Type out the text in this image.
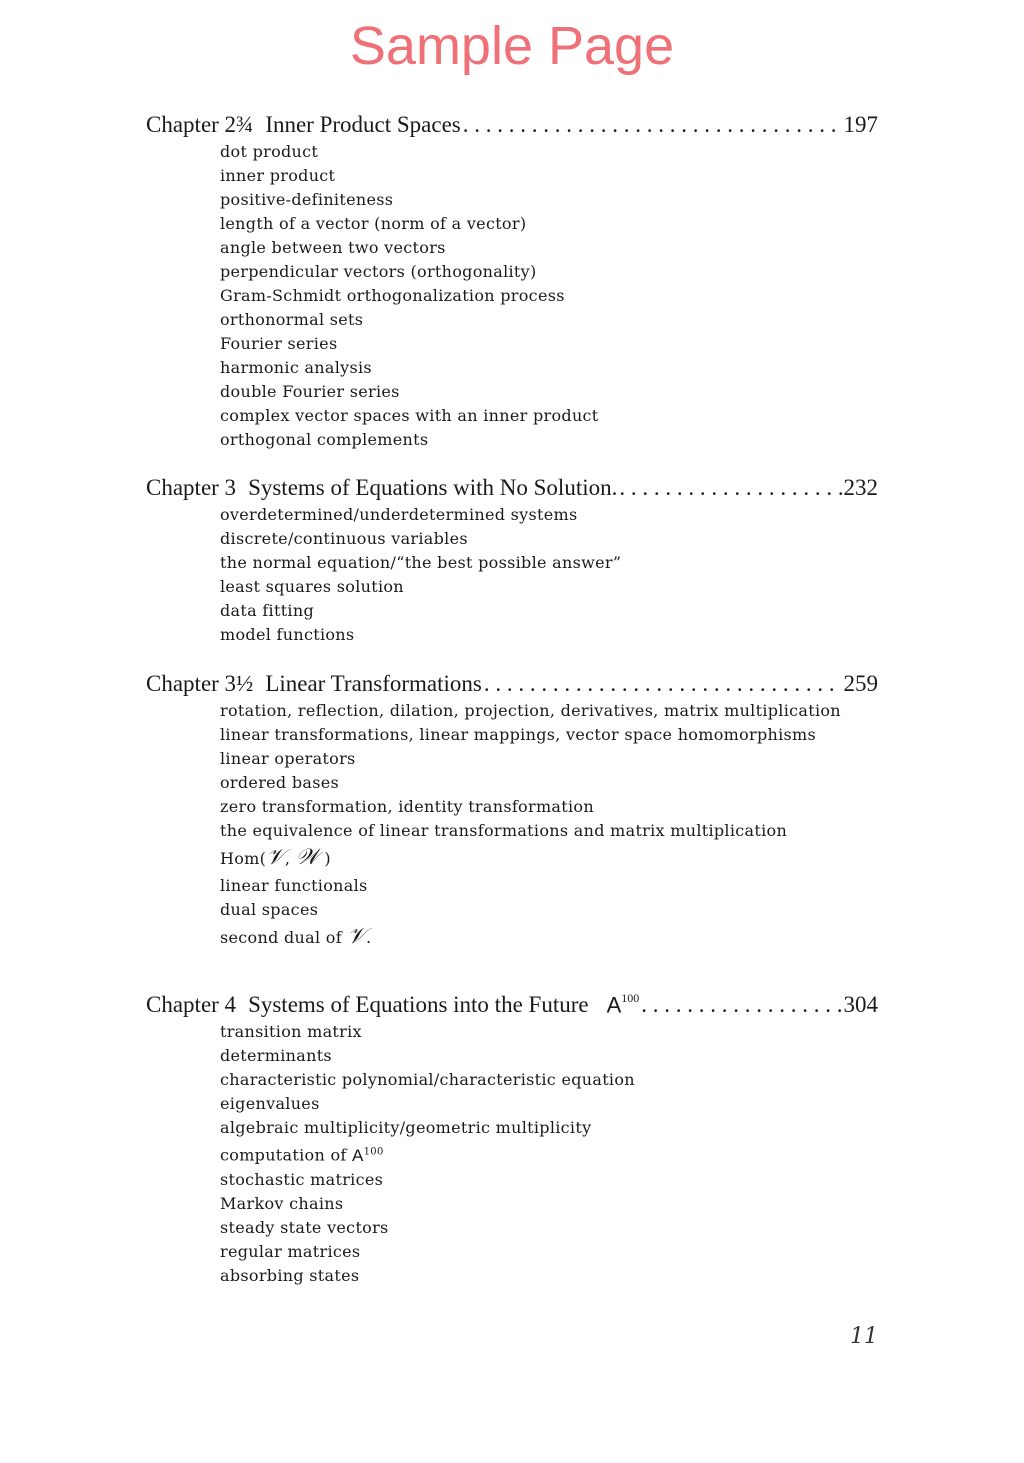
Sample Page
Chapter 2¾ Inner Product Spaces . . .	197
dot product
inner product
positive-definiteness
length of a vector (norm of a vector)
angle between two vectors
perpendicular vectors (orthogonality)
Gram-Schmidt orthogonalization process
orthonormal sets
Fourier series
harmonic analysis
double Fourier series
complex vector spaces with an inner product
orthogonal complements
Chapter 3 Systems of Equations with No Solution. . . .	232
overdetermined/underdetermined systems
discrete/continuous variables
the normal equation/“the best possible answer”
least squares solution
data fitting
model functions
Chapter 3½ Linear Transformations . . .	259
rotation, reflection, dilation, projection, derivatives, matrix multiplication
linear transformations, linear mappings, vector space homomorphisms
linear operators
ordered bases
zero transformation, identity transformation
the equivalence of linear transformations and matrix multiplication
Hom(𝒱, 𝒲 )
linear functionals
dual spaces
second dual of 𝒱.
Chapter 4 Systems of Equations into the Future $A^{100}$ . . .	304
transition matrix
determinants
characteristic polynomial/characteristic equation
eigenvalues
algebraic multiplicity/geometric multiplicity
computation of $A^{100}$
stochastic matrices
Markov chains
steady state vectors
regular matrices
absorbing states
11
